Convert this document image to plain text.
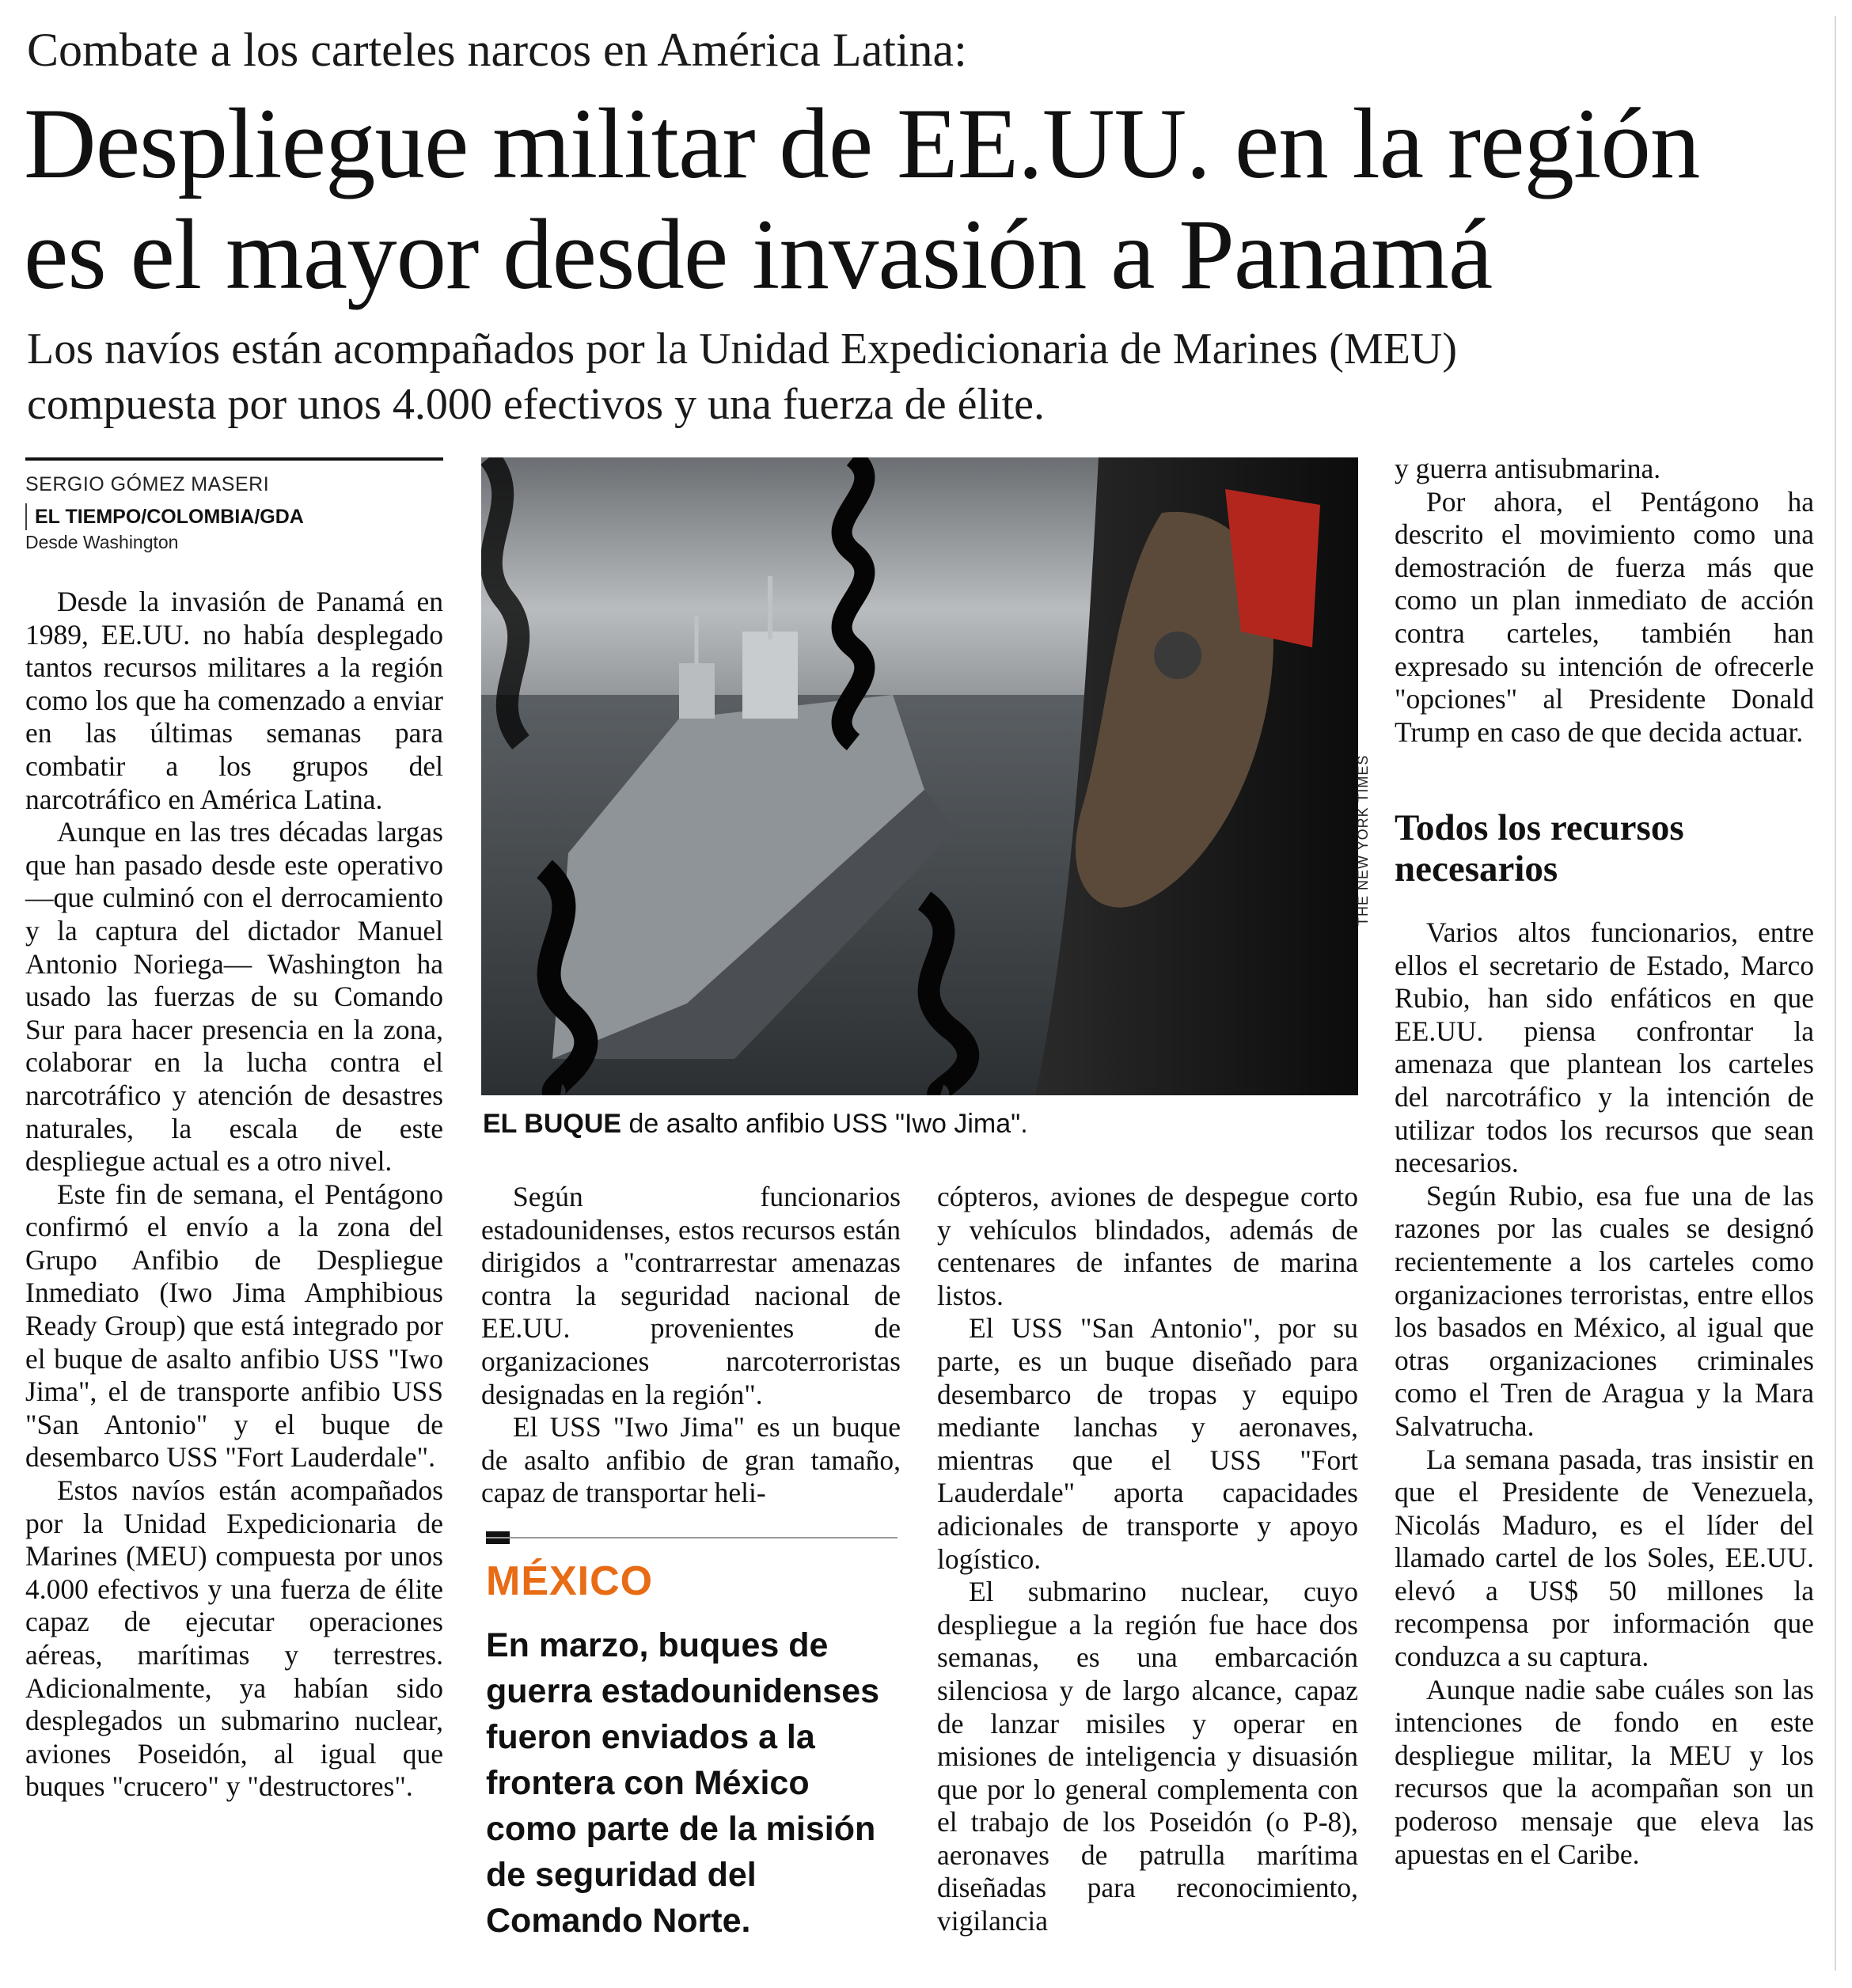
Combate a los carteles narcos en América Latina:
Despliegue militar de EE.UU. en la región
es el mayor desde invasión a Panamá
Los navíos están acompañados por la Unidad Expedicionaria de Marines (MEU)
compuesta por unos 4.000 efectivos y una fuerza de élite.
SERGIO GÓMEZ MASERI
EL TIEMPO/COLOMBIA/GDA
Desde Washington

Desde la invasión de Panamá en 1989, EE.UU. no había desplegado tantos recursos militares a la región como los que ha comenzado a enviar en las últimas semanas para combatir a los grupos del narcotráfico en América Latina.

Aunque en las tres décadas largas que han pasado desde este operativo —que culminó con el derrocamiento y la captura del dictador Manuel Antonio Noriega— Washington ha usado las fuerzas de su Comando Sur para hacer presencia en la zona, colaborar en la lucha contra el narcotráfico y atención de desastres naturales, la escala de este despliegue actual es a otro nivel.

Este fin de semana, el Pentágono confirmó el envío a la zona del Grupo Anfibio de Despliegue Inmediato (Iwo Jima Amphibious Ready Group) que está integrado por el buque de asalto anfibio USS "Iwo Jima", el de transporte anfibio USS "San Antonio" y el buque de desembarco USS "Fort Lauderdale".

Estos navíos están acompañados por la Unidad Expedicionaria de Marines (MEU) compuesta por unos 4.000 efectivos y una fuerza de élite capaz de ejecutar operaciones aéreas, marítimas y terrestres. Adicionalmente, ya habían sido desplegados un submarino nuclear, aviones Poseidón, al igual que buques "crucero" y "destructores".

THE NEW YORK TIMES
EL BUQUE de asalto anfibio USS "Iwo Jima".

Según funcionarios estadounidenses, estos recursos están dirigidos a "contrarrestar amenazas contra la seguridad nacional de EE.UU. provenientes de organizaciones narcoterroristas designadas en la región".

El USS "Iwo Jima" es un buque de asalto anfibio de gran tamaño, capaz de transportar heli-

MÉXICO
En marzo, buques de
guerra estadounidenses
fueron enviados a la
frontera con México
como parte de la misión
de seguridad del
Comando Norte.

cópteros, aviones de despegue corto y vehículos blindados, además de centenares de infantes de marina listos.

El USS "San Antonio", por su parte, es un buque diseñado para desembarco de tropas y equipo mediante lanchas y aeronaves, mientras que el USS "Fort Lauderdale" aporta capacidades adicionales de transporte y apoyo logístico.

El submarino nuclear, cuyo despliegue a la región fue hace dos semanas, es una embarcación silenciosa y de largo alcance, capaz de lanzar misiles y operar en misiones de inteligencia y disuasión que por lo general complementa con el trabajo de los Poseidón (o P-8), aeronaves de patrulla marítima diseñadas para reconocimiento, vigilancia

y guerra antisubmarina.

Por ahora, el Pentágono ha descrito el movimiento como una demostración de fuerza más que como un plan inmediato de acción contra carteles, también han expresado su intención de ofrecerle "opciones" al Presidente Donald Trump en caso de que decida actuar.

Todos los recursos necesarios

Varios altos funcionarios, entre ellos el secretario de Estado, Marco Rubio, han sido enfáticos en que EE.UU. piensa confrontar la amenaza que plantean los carteles del narcotráfico y la intención de utilizar todos los recursos que sean necesarios.

Según Rubio, esa fue una de las razones por las cuales se designó recientemente a los carteles como organizaciones terroristas, entre ellos los basados en México, al igual que otras organizaciones criminales como el Tren de Aragua y la Mara Salvatrucha.

La semana pasada, tras insistir en que el Presidente de Venezuela, Nicolás Maduro, es el líder del llamado cartel de los Soles, EE.UU. elevó a US$ 50 millones la recompensa por información que conduzca a su captura.

Aunque nadie sabe cuáles son las intenciones de fondo en este despliegue militar, la MEU y los recursos que la acompañan son un poderoso mensaje que eleva las apuestas en el Caribe.
